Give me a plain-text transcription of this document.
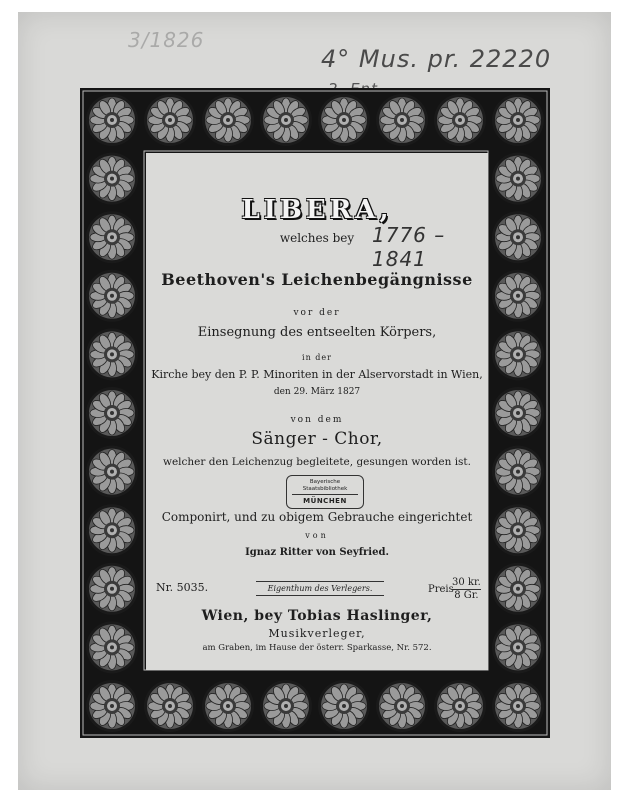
3/1826
4° Mus. pr. 22220
LIBERA,
welches bey 1776 – 1841
Beethoven's Leichenbegängnisse
vor der
Einsegnung des entseelten Körpers,
in der
Kirche bey den P. P. Minoriten in der Alservorstadt in Wien,
den 29. März 1827
von dem
Sänger - Chor,
welcher den Leichenzug begleitete, gesungen worden ist.
Bayerische Staatsbibliothek
MÜNCHEN
Componirt, und zu obigem Gebrauche eingerichtet
von
Ignaz Ritter von Seyfried.
Nr. 5035.	Eigenthum des Verlegers.	Preis
30 kr.
8 Gr.
Wien, bey Tobias Haslinger,
Musikverleger,
am Graben, im Hause der österr. Sparkasse, Nr. 572.
